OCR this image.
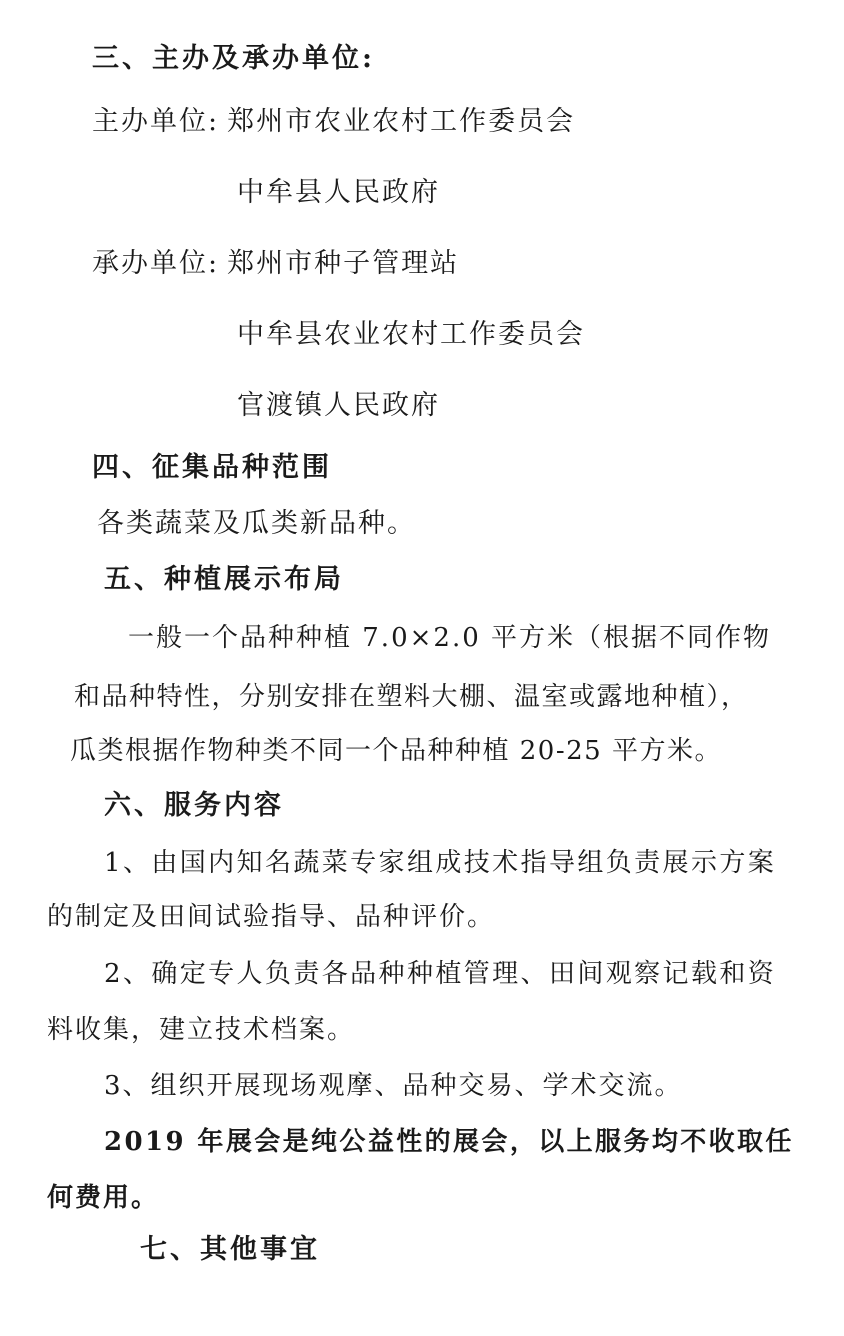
三、主办及承办单位:
主办单位: 郑州市农业农村工作委员会
中牟县人民政府
承办单位: 郑州市种子管理站
中牟县农业农村工作委员会
官渡镇人民政府
四、征集品种范围
各类蔬菜及瓜类新品种。
五、种植展示布局
一般一个品种种植 7.0×2.0 平方米（根据不同作物
和品种特性，分别安排在塑料大棚、温室或露地种植），
瓜类根据作物种类不同一个品种种植 20-25 平方米。
六、服务内容
1、由国内知名蔬菜专家组成技术指导组负责展示方案
的制定及田间试验指导、品种评价。
2、确定专人负责各品种种植管理、田间观察记载和资
料收集，建立技术档案。
3、组织开展现场观摩、品种交易、学术交流。
2019 年展会是纯公益性的展会，以上服务均不收取任
何费用。
七、其他事宜
